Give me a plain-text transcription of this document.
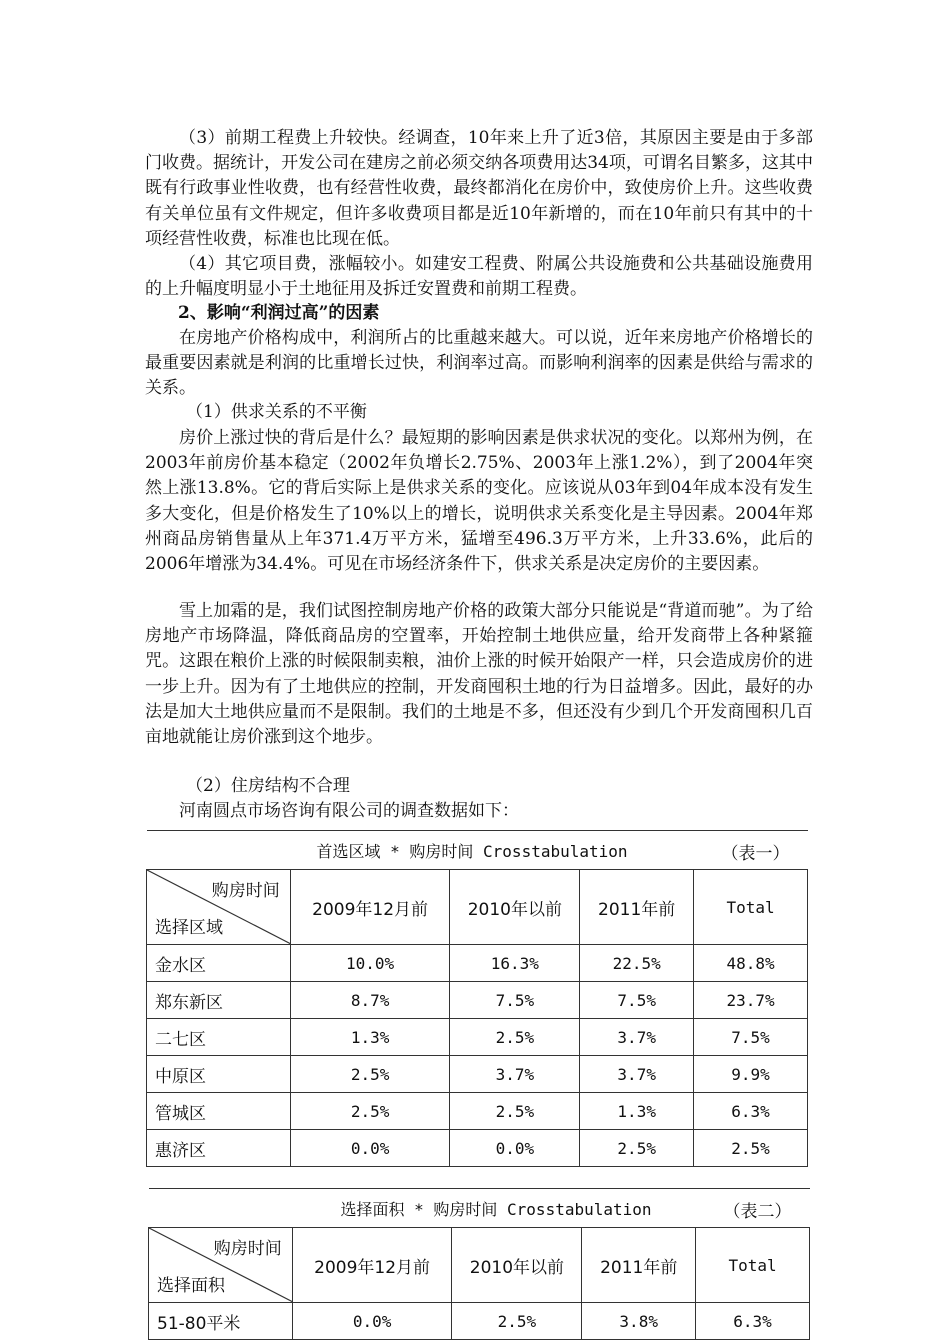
（3）前期工程费上升较快。经调查，10年来上升了近3倍，其原因主要是由于多部门收费。据统计，开发公司在建房之前必须交纳各项费用达34项，可谓名目繁多，这其中既有行政事业性收费，也有经营性收费，最终都消化在房价中，致使房价上升。这些收费有关单位虽有文件规定，但许多收费项目都是近10年新增的，而在10年前只有其中的十项经营性收费，标准也比现在低。

（4）其它项目费，涨幅较小。如建安工程费、附属公共设施费和公共基础设施费用的上升幅度明显小于土地征用及拆迁安置费和前期工程费。

2、影响“利润过高”的因素

在房地产价格构成中，利润所占的比重越来越大。可以说，近年来房地产价格增长的最重要因素就是利润的比重增长过快，利润率过高。而影响利润率的因素是供给与需求的关系。

（1）供求关系的不平衡

房价上涨过快的背后是什么？最短期的影响因素是供求状况的变化。以郑州为例，在2003年前房价基本稳定（2002年负增长2.75%、2003年上涨1.2%），到了2004年突然上涨13.8%。它的背后实际上是供求关系的变化。应该说从03年到04年成本没有发生多大变化，但是价格发生了10%以上的增长，说明供求关系变化是主导因素。2004年郑州商品房销售量从上年371.4万平方米，猛增至496.3万平方米，上升33.6%，此后的2006年增涨为34.4%。可见在市场经济条件下，供求关系是决定房价的主要因素。

雪上加霜的是，我们试图控制房地产价格的政策大部分只能说是“背道而驰”。为了给房地产市场降温，降低商品房的空置率，开始控制土地供应量，给开发商带上各种紧箍咒。这跟在粮价上涨的时候限制卖粮，油价上涨的时候开始限产一样，只会造成房价的进一步上升。因为有了土地供应的控制，开发商囤积土地的行为日益增多。因此，最好的办法是加大土地供应量而不是限制。我们的土地是不多，但还没有少到几个开发商囤积几百亩地就能让房价涨到这个地步。

（2）住房结构不合理

河南圆点市场咨询有限公司的调查数据如下：

首选区域 * 购房时间 Crosstabulation （表一）				

购房时间
选择区域	2009年12月前	2010年以前	2011年前	Total
金水区	10.0%	16.3%	22.5%	48.8%
郑东新区	8.7%	7.5%	7.5%	23.7%
二七区	1.3%	2.5%	3.7%	7.5%
中原区	2.5%	3.7%	3.7%	9.9%
管城区	2.5%	2.5%	1.3%	6.3%
惠济区	0.0%	0.0%	2.5%	2.5%
选择面积 * 购房时间 Crosstabulation （表二）				

购房时间
选择面积	2009年12月前	2010年以前	2011年前	Total
51-80平米	0.0%	2.5%	3.8%	6.3%
